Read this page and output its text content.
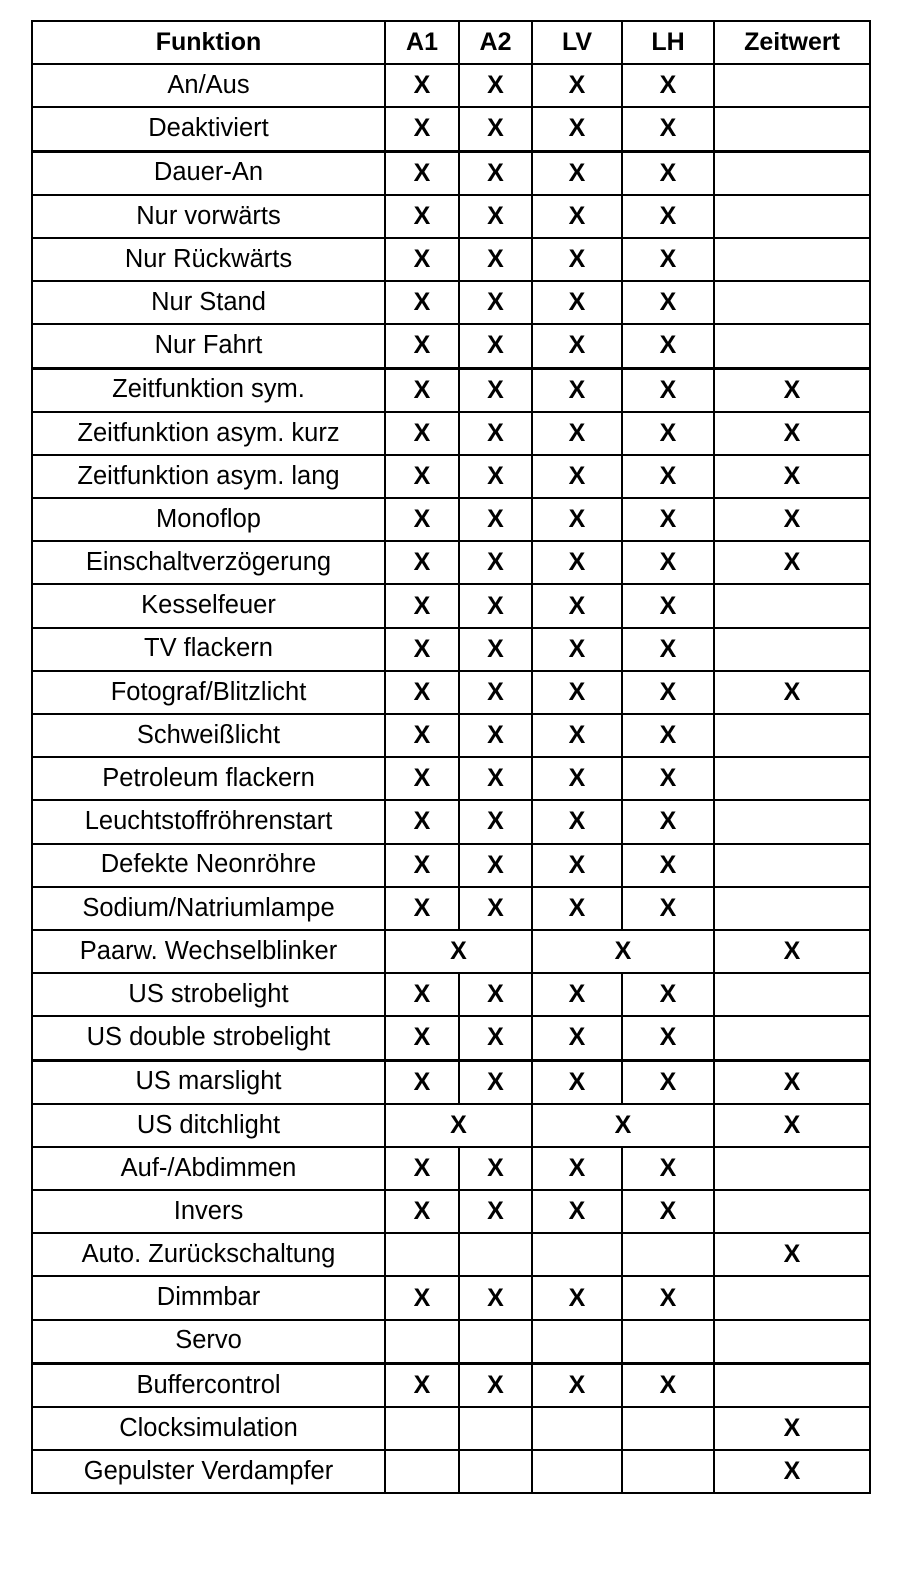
Funktion	A1	A2	LV	LH	Zeitwert
An/Aus	X	X	X	X	
Deaktiviert	X	X	X	X	
Dauer-An	X	X	X	X	
Nur vorwärts	X	X	X	X	
Nur Rückwärts	X	X	X	X	
Nur Stand	X	X	X	X	
Nur Fahrt	X	X	X	X	
Zeitfunktion sym.	X	X	X	X	X
Zeitfunktion asym. kurz	X	X	X	X	X
Zeitfunktion asym. lang	X	X	X	X	X
Monoflop	X	X	X	X	X
Einschaltverzögerung	X	X	X	X	X
Kesselfeuer	X	X	X	X	
TV flackern	X	X	X	X	
Fotograf/Blitzlicht	X	X	X	X	X
Schweißlicht	X	X	X	X	
Petroleum flackern	X	X	X	X	
Leuchtstoffröhrenstart	X	X	X	X	
Defekte Neonröhre	X	X	X	X	
Sodium/Natriumlampe	X	X	X	X	
Paarw. Wechselblinker	X		X		X
US strobelight	X	X	X	X	
US double strobelight	X	X	X	X	
US marslight	X	X	X	X	X
US ditchlight	X		X		X
Auf-/Abdimmen	X	X	X	X	
Invers	X	X	X	X	
Auto. Zurückschaltung					X
Dimmbar	X	X	X	X	
Servo					
Buffercontrol	X	X	X	X	
Clocksimulation					X
Gepulster Verdampfer					X
